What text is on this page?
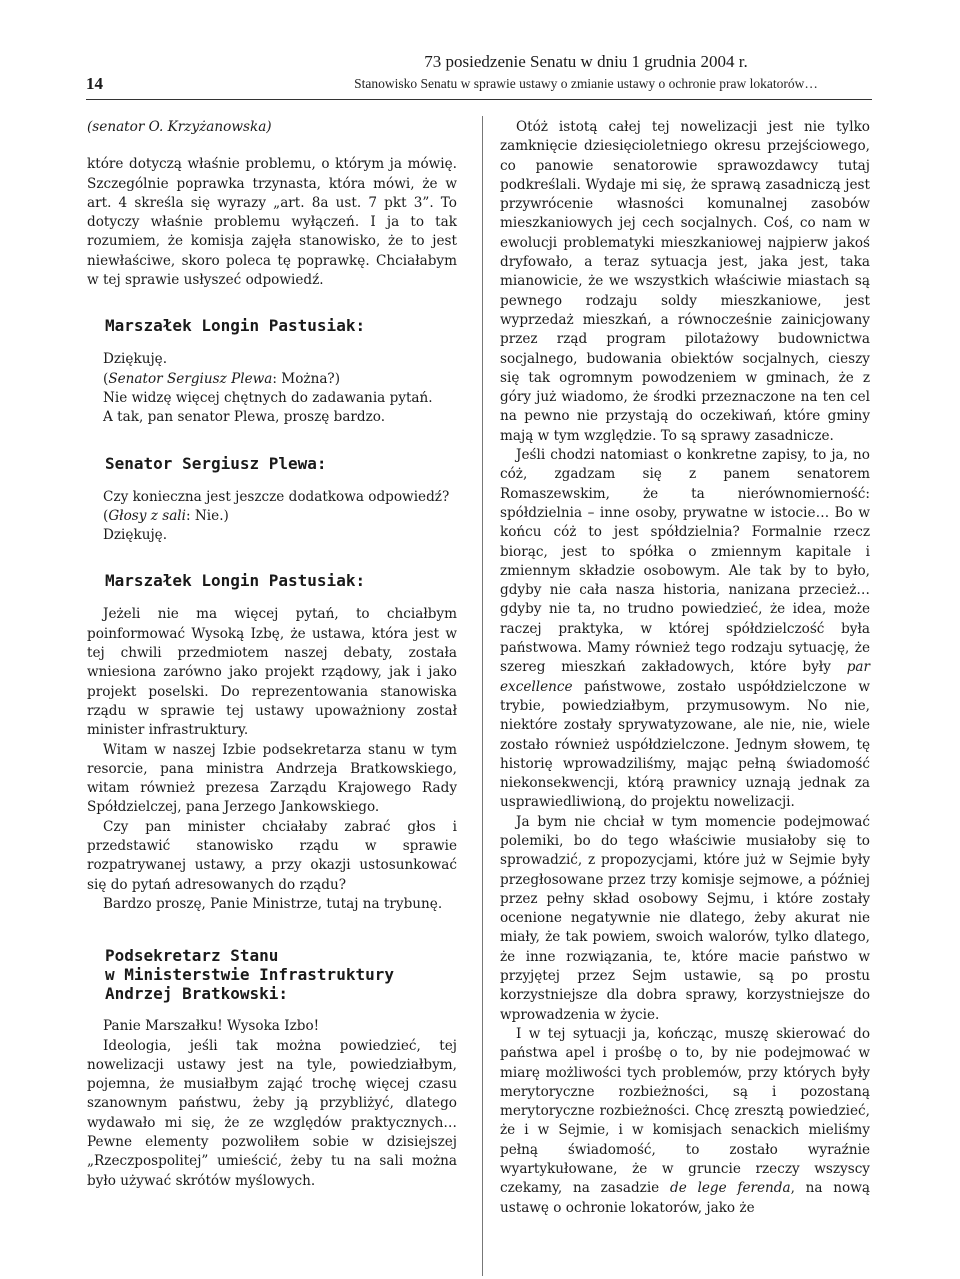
14
73 posiedzenie Senatu w dniu 1 grudnia 2004 r.
Stanowisko Senatu w sprawie ustawy o zmianie ustawy o ochronie praw lokatorów…

(senator O. Krzyżanowska)

które dotyczą właśnie problemu, o którym ja mówię. Szczególnie poprawka trzynasta, która mówi, że w art. 4 skreśla się wyrazy „art. 8a ust. 7 pkt 3”. To dotyczy właśnie problemu wyłączeń. I ja to tak rozumiem, że komisja zajęła stanowisko, że to jest niewłaściwe, skoro poleca tę poprawkę. Chciałabym w tej sprawie usłyszeć odpowiedź.

Marszałek Longin Pastusiak:

Dziękuję.

(Senator Sergiusz Plewa: Można?)

Nie widzę więcej chętnych do zadawania pytań.

A tak, pan senator Plewa, proszę bardzo.

Senator Sergiusz Plewa:

Czy konieczna jest jeszcze dodatkowa odpowiedź?

(Głosy z sali: Nie.)

Dziękuję.

Marszałek Longin Pastusiak:

Jeżeli nie ma więcej pytań, to chciałbym poinformować Wysoką Izbę, że ustawa, która jest w tej chwili przedmiotem naszej debaty, została wniesiona zarówno jako projekt rządowy, jak i jako projekt poselski. Do reprezentowania stanowiska rządu w sprawie tej ustawy upoważniony został minister infrastruktury.

Witam w naszej Izbie podsekretarza stanu w tym resorcie, pana ministra Andrzeja Bratkowskiego, witam również prezesa Zarządu Krajowego Rady Spółdzielczej, pana Jerzego Jankowskiego.

Czy pan minister chciałaby zabrać głos i przedstawić stanowisko rządu w sprawie rozpatrywanej ustawy, a przy okazji ustosunkować się do pytań adresowanych do rządu?

Bardzo proszę, Panie Ministrze, tutaj na trybunę.

Podsekretarz Stanu
w Ministerstwie Infrastruktury
Andrzej Bratkowski:

Panie Marszałku! Wysoka Izbo!

Ideologia, jeśli tak można powiedzieć, tej nowelizacji ustawy jest na tyle, powiedziałbym, pojemna, że musiałbym zająć trochę więcej czasu szanownym państwu, żeby ją przybliżyć, dlatego wydawało mi się, że ze względów praktycznych… Pewne elementy pozwoliłem sobie w dzisiejszej „Rzeczpospolitej” umieścić, żeby tu na sali można było używać skrótów myślowych.

Otóż istotą całej tej nowelizacji jest nie tylko zamknięcie dziesięcioletniego okresu przejściowego, co panowie senatorowie sprawozdawcy tutaj podkreślali. Wydaje mi się, że sprawą zasadniczą jest przywrócenie własności komunalnej zasobów mieszkaniowych jej cech socjalnych. Coś, co nam w ewolucji problematyki mieszkaniowej najpierw jakoś dryfowało, a teraz sytuacja jest, jaka jest, taka mianowicie, że we wszystkich właściwie miastach są pewnego rodzaju soldy mieszkaniowe, jest wyprzedaż mieszkań, a równocześnie zainicjowany przez rząd program pilotażowy budownictwa socjalnego, budowania obiektów socjalnych, cieszy się tak ogromnym powodzeniem w gminach, że z góry już wiadomo, że środki przeznaczone na ten cel na pewno nie przystają do oczekiwań, które gminy mają w tym względzie. To są sprawy zasadnicze.

Jeśli chodzi natomiast o konkretne zapisy, to ja, no cóż, zgadzam się z panem senatorem Romaszewskim, że ta nierównomierność: spółdzielnia – inne osoby, prywatne w istocie… Bo w końcu cóż to jest spółdzielnia? Formalnie rzecz biorąc, jest to spółka o zmiennym kapitale i zmiennym składzie osobowym. Ale tak by to było, gdyby nie cała nasza historia, nanizana przecież… gdyby nie ta, no trudno powiedzieć, że idea, może raczej praktyka, w której spółdzielczość była państwowa. Mamy również tego rodzaju sytuację, że szereg mieszkań zakładowych, które były par excellence państwowe, zostało uspółdzielczone w trybie, powiedziałbym, przymusowym. No nie, niektóre zostały sprywatyzowane, ale nie, nie, wiele zostało również uspółdzielczone. Jednym słowem, tę historię wprowadziliśmy, mając pełną świadomość niekonsekwencji, którą prawnicy uznają jednak za usprawiedliwioną, do projektu nowelizacji.

Ja bym nie chciał w tym momencie podejmować polemiki, bo do tego właściwie musiałoby się to sprowadzić, z propozycjami, które już w Sejmie były przegłosowane przez trzy komisje sejmowe, a później przez pełny skład osobowy Sejmu, i które zostały ocenione negatywnie nie dlatego, żeby akurat nie miały, że tak powiem, swoich walorów, tylko dlatego, że inne rozwiązania, te, które macie państwo w przyjętej przez Sejm ustawie, są po prostu korzystniejsze dla dobra sprawy, korzystniejsze do wprowadzenia w życie.

I w tej sytuacji ja, kończąc, muszę skierować do państwa apel i prośbę o to, by nie podejmować w miarę możliwości tych problemów, przy których były merytoryczne rozbieżności, są i pozostaną merytoryczne rozbieżności. Chcę zresztą powiedzieć, że i w Sejmie, i w komisjach senackich mieliśmy pełną świadomość, to zostało wyraźnie wyartykułowane, że w gruncie rzeczy wszyscy czekamy, na zasadzie de lege ferenda, na nową ustawę o ochronie lokatorów, jako że
